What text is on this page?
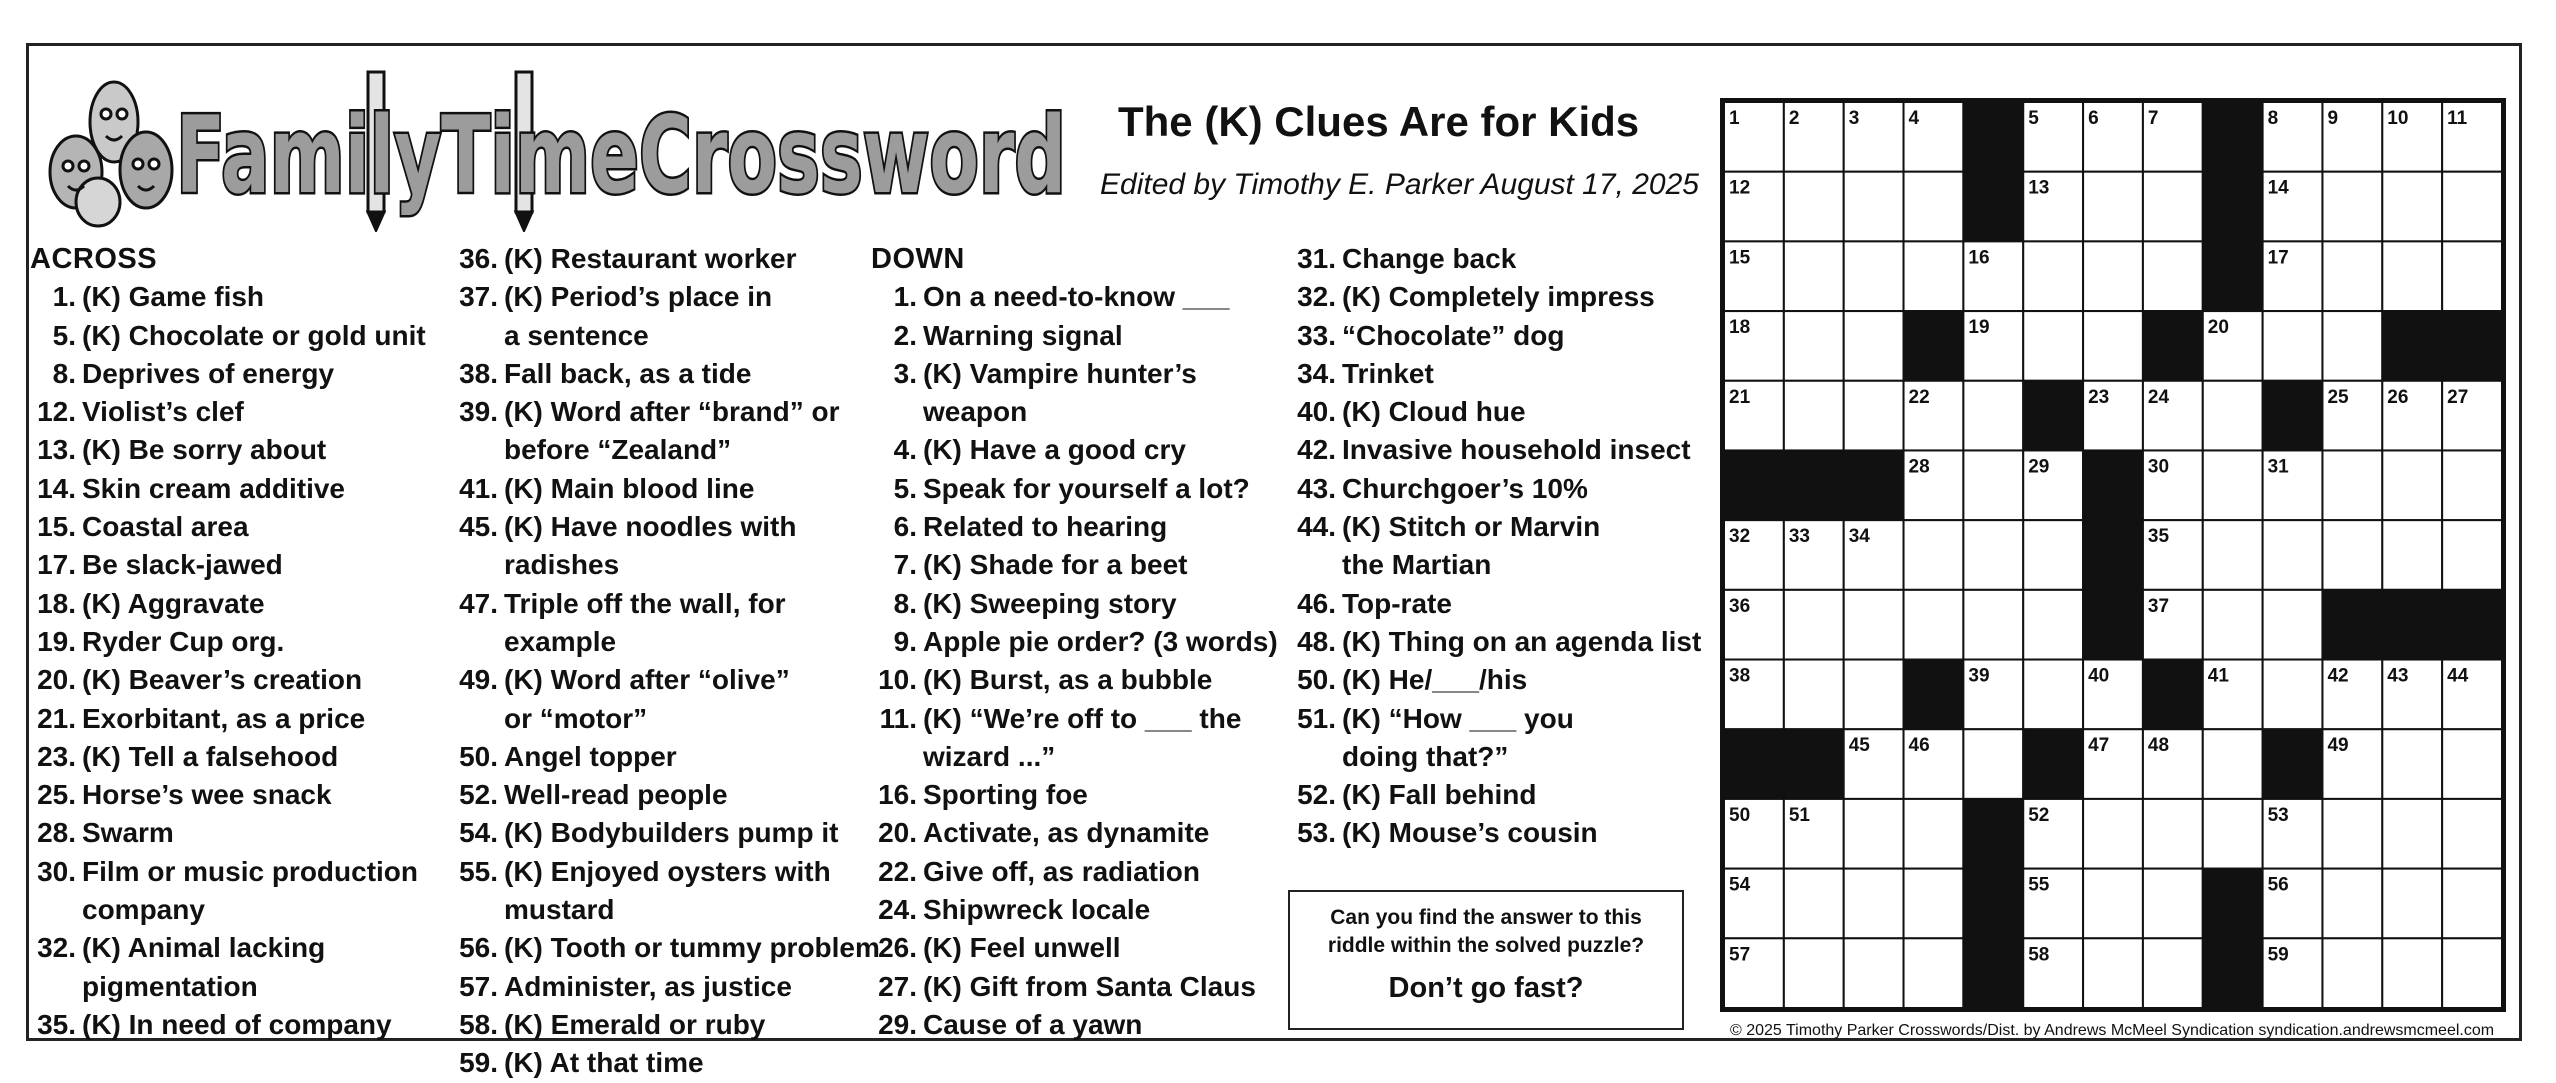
FamilyTimeCrossword The (K) Clues Are for Kids
Edited by Timothy E. Parker August 17, 2025
ACROSS
1. (K) Game fish
5. (K) Chocolate or gold unit
8. Deprives of energy
12. Violist’s clef
13. (K) Be sorry about
14. Skin cream additive
15. Coastal area
17. Be slack-jawed
18. (K) Aggravate
19. Ryder Cup org.
20. (K) Beaver’s creation
21. Exorbitant, as a price
23. (K) Tell a falsehood
25. Horse’s wee snack
28. Swarm
30. Film or music production
company
32. (K) Animal lacking
pigmentation
35. (K) In need of company
36. (K) Restaurant worker
37. (K) Period’s place in
a sentence
38. Fall back, as a tide
39. (K) Word after “brand” or
before “Zealand”
41. (K) Main blood line
45. (K) Have noodles with
radishes
47. Triple off the wall, for
example
49. (K) Word after “olive”
or “motor”
50. Angel topper
52. Well-read people
54. (K) Bodybuilders pump it
55. (K) Enjoyed oysters with
mustard
56. (K) Tooth or tummy problem
57. Administer, as justice
58. (K) Emerald or ruby
59. (K) At that time
DOWN
1. On a need-to-know ___
2. Warning signal
3. (K) Vampire hunter’s
weapon
4. (K) Have a good cry
5. Speak for yourself a lot?
6. Related to hearing
7. (K) Shade for a beet
8. (K) Sweeping story
9. Apple pie order? (3 words)
10. (K) Burst, as a bubble
11. (K) “We’re off to ___ the
wizard ...”
16. Sporting foe
20. Activate, as dynamite
22. Give off, as radiation
24. Shipwreck locale
26. (K) Feel unwell
27. (K) Gift from Santa Claus
29. Cause of a yawn
31. Change back
32. (K) Completely impress
33. “Chocolate” dog
34. Trinket
40. (K) Cloud hue
42. Invasive household insect
43. Churchgoer’s 10%
44. (K) Stitch or Marvin
the Martian
46. Top-rate
48. (K) Thing on an agenda list
50. (K) He/___/his
51. (K) “How ___ you
doing that?”
52. (K) Fall behind
53. (K) Mouse’s cousin
Can you find the answer to this
riddle within the solved puzzle?
Don’t go fast?
1	2	3	4	5	6	7	8	9	10 11
12	13	14
15	16	17
18	19	20
21	22	23 24	25 26 27
28	29	30	31
32 33 34	35
36	37
38	39	40	41	42 43 44
45 46	47 48	49
50 51	52	53
54	55	56
57	58	59
© 2025 Timothy Parker Crosswords/Dist. by Andrews McMeel Syndication syndication.andrewsmcmeel.com
